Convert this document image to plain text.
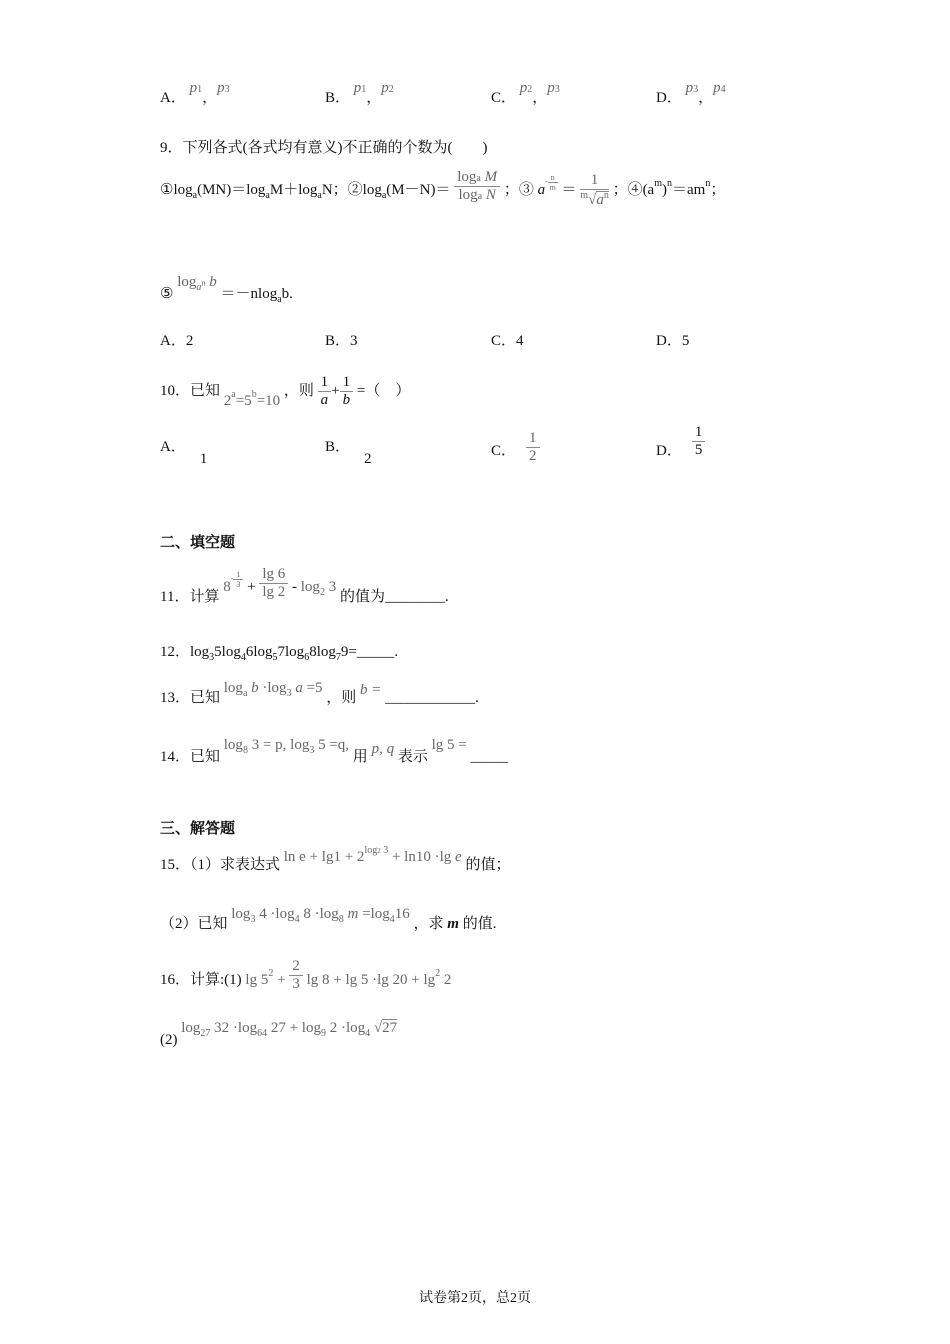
A． p1，p3
B． p1，p2
C． p2，p3
D． p3，p4
9．下列各式(各式均有意义)不正确的个数为(　　)
$①\log_a(MN)=\log_aM+\log_aN$；$②\log_a(M-N)= \frac{\text{loga M}}{\text{loga N}}$ ；③ $a^{- \frac{n}{m}} = \frac{1}{^m√a^n}$ ；$④(a^m)^n=am^n$；
⑤ $\log_{a^n} b =-nlog_ab$.
A．2	B．3	C．4	D．5
10．已知 $2^a=5^b=10$ ，则 $\frac{1}{a}+ \frac{1}{b}$ =（　）
A．1
B．2	C． $\frac{1}{2}$	D． $\frac{1}{5}$
二、填空题
11．计算 $8^{- \frac{1}{3}} + \frac{\lg 6}{\lg 2} - \log_2 3$ 的值为________.
12．$\log_35\log_46\log_57\log_68\log_79=\_\_\_\_\_$.
13．已知 $\log_a b \cdot\log_3$ a =5 ，则 b = ____________.
14．已知 $\log_8 3 = p$, $\log_3 5 =q$, 用 p, q 表示 lg 5 = _____
三、解答题
15．（1）求表达式 $\ln e + \lg 1 + 2^{log2 3} + \ln 10 \cdot\lg$ e 的值；
（2）已知 $\log_3 4 \cdot\log_4$ $8 \cdot\log_8$ $m =\log_416$ ，求 m 的值.
16．计算:(1) $\lg 5^2 + \frac{2}{3}$ lg 8 + lg 5 ·lg $20 + \lg^2 2$
(2) $\log_{27} 32 \cdot\log_{64}$ $27 + \log_9 2 \cdot\log_4$ √27
试卷第2页，总2页
